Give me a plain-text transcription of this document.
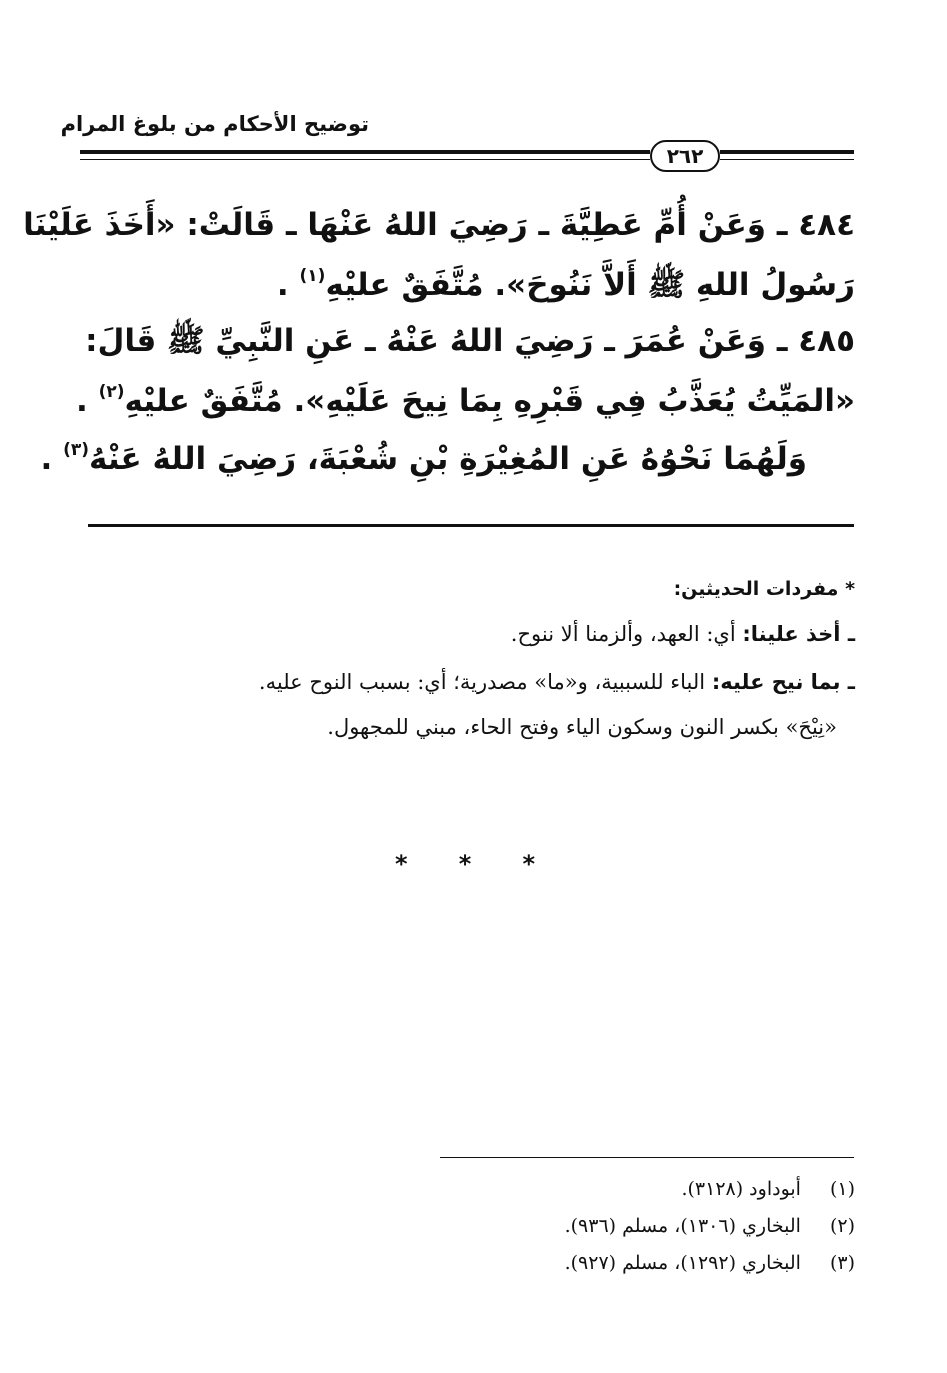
توضيح الأحكام من بلوغ المرام
٢٦٢
٤٨٤ ـ وَعَنْ أُمِّ عَطِيَّةَ ـ رَضِيَ اللهُ عَنْهَا ـ قَالَتْ: «أَخَذَ عَلَيْنَا
رَسُولُ اللهِ ﷺ أَلاَّ نَنُوحَ». مُتَّفَقٌ عليْهِ$^{(١)}$ .
٤٨٥ ـ وَعَنْ عُمَرَ ـ رَضِيَ اللهُ عَنْهُ ـ عَنِ النَّبِيِّ ﷺ قَالَ:
«المَيِّتُ يُعَذَّبُ فِي قَبْرِهِ بِمَا نِيحَ عَلَيْهِ». مُتَّفَقٌ عليْهِ$^{(٢)}$ .
وَلَهُمَا نَحْوُهُ عَنِ المُغِيْرَةِ بْنِ شُعْبَةَ، رَضِيَ اللهُ عَنْهُ$^{(٣)}$ .
* مفردات الحديثين:
ـ أخذ علينا: أي: العهد، وألزمنا ألا ننوح.
ـ بما نيح عليه: الباء للسببية، و«ما» مصدرية؛ أي: بسبب النوح عليه.
«نِيْحَ» بكسر النون وسكون الياء وفتح الحاء، مبني للمجهول.
* * *
(١) أبوداود (٣١٢٨).
(٢) البخاري (١٣٠٦)، مسلم (٩٣٦).
(٣) البخاري (١٢٩٢)، مسلم (٩٢٧).
